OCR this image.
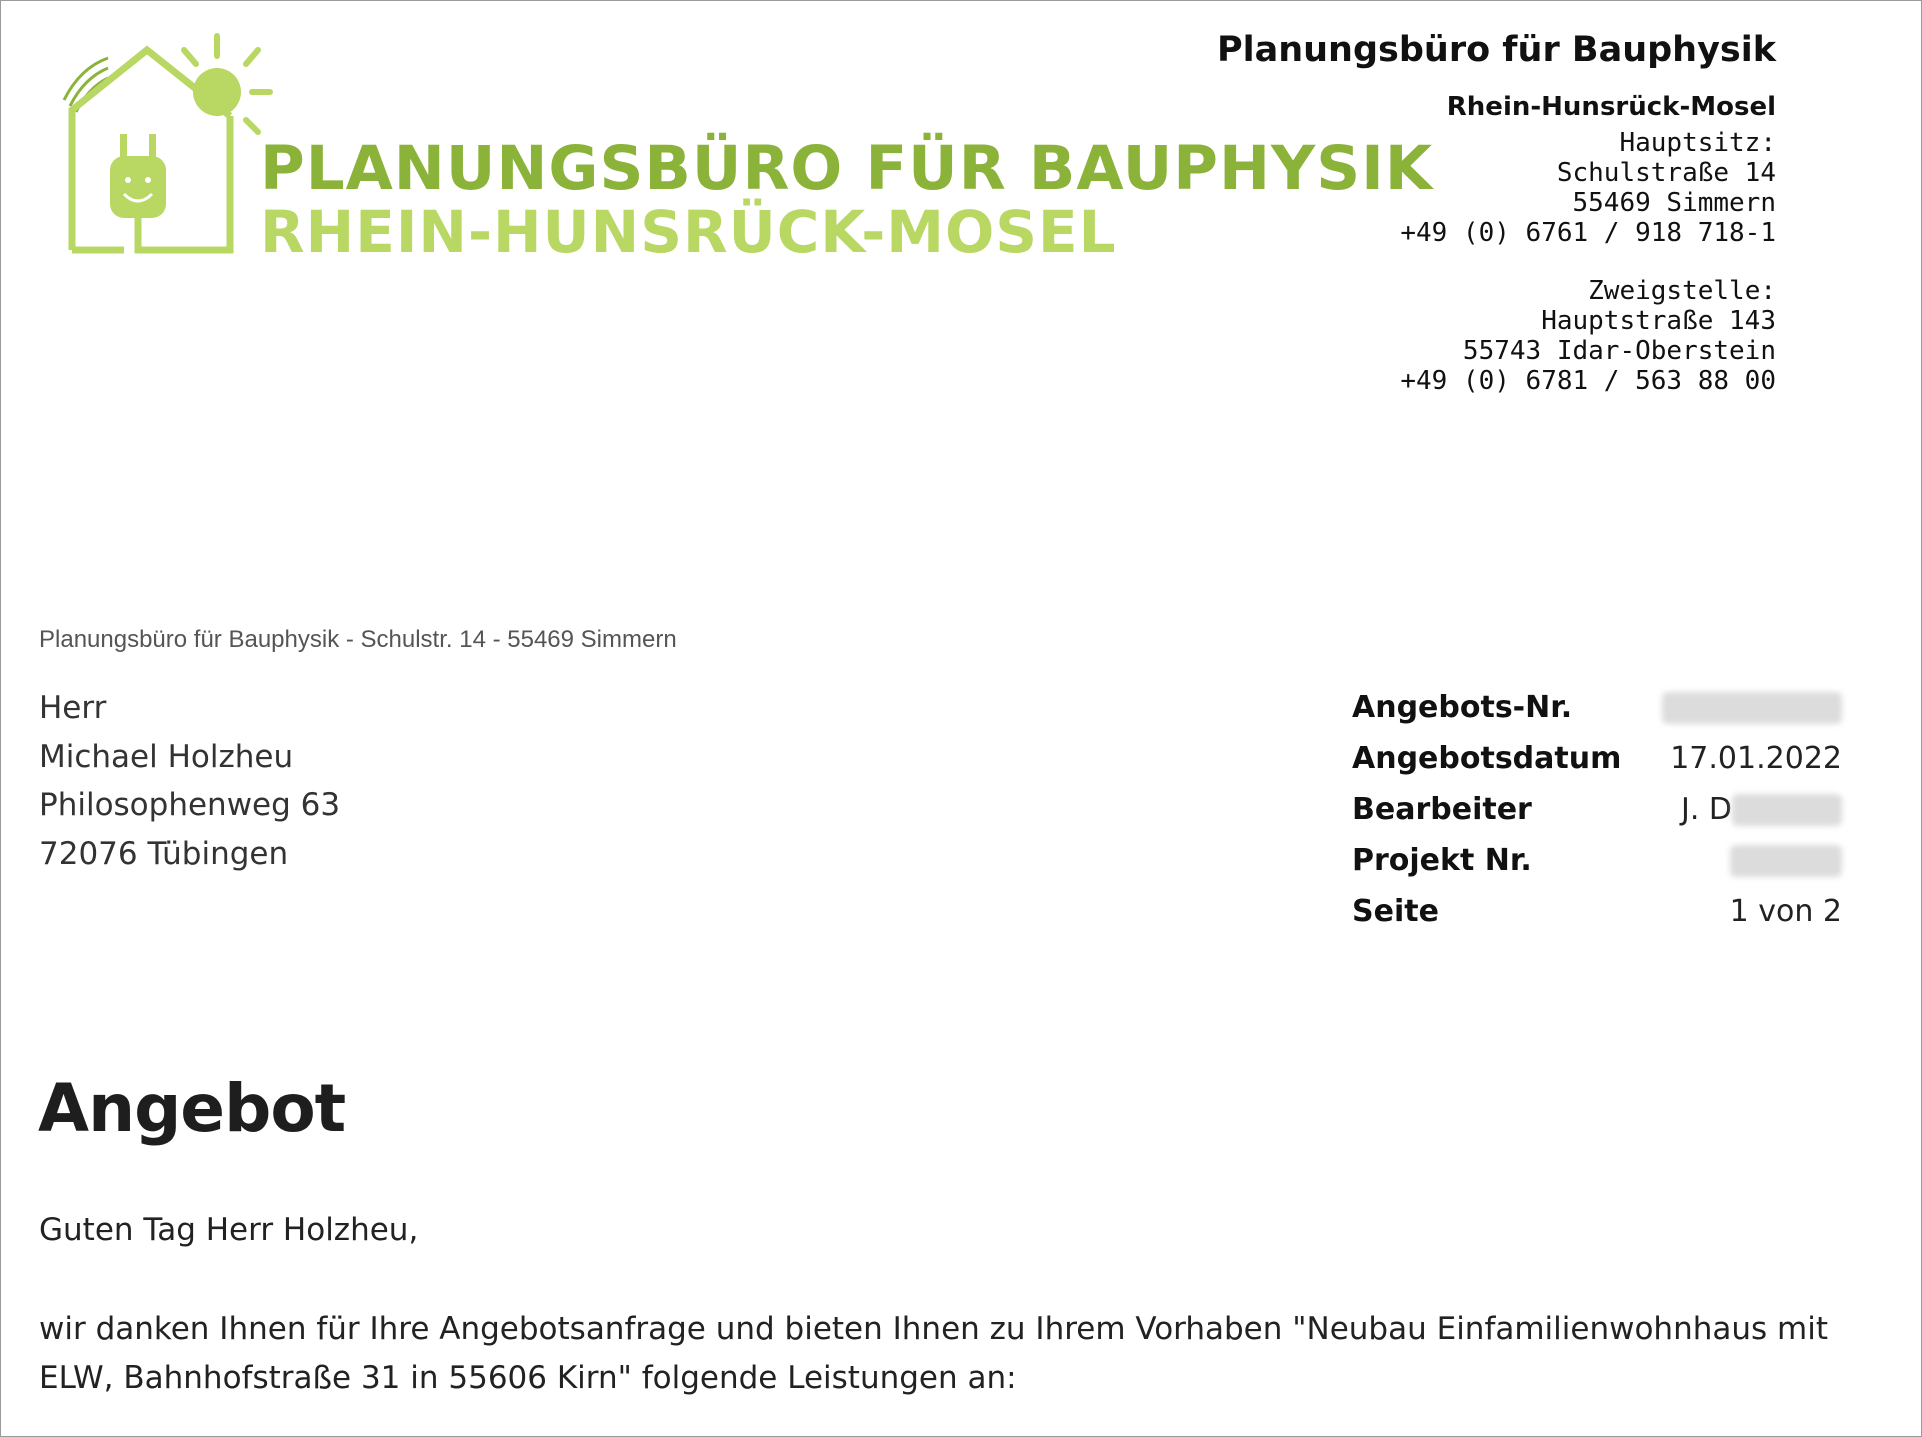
PLANUNGSBÜRO FÜR BAUPHYSIK
RHEIN-HUNSRÜCK-MOSEL
Planungsbüro für Bauphysik
Rhein-Hunsrück-Mosel
Hauptsitz:
Schulstraße 14
55469 Simmern
+49 (0) 6761 / 918 718-1
Zweigstelle:
Hauptstraße 143
55743 Idar-Oberstein
+49 (0) 6781 / 563 88 00
Planungsbüro für Bauphysik - Schulstr. 14 - 55469 Simmern
Herr
Michael Holzheu
Philosophenweg 63
72076 Tübingen
Angebots-Nr.
Angebotsdatum 17.01.2022
Bearbeiter	J. D
Projekt Nr.
Seite	1 von 2
Angebot
Guten Tag Herr Holzheu,
wir danken Ihnen für Ihre Angebotsanfrage und bieten Ihnen zu Ihrem Vorhaben "Neubau Einfamilienwohnhaus mit ELW, Bahnhofstraße 31 in 55606 Kirn" folgende Leistungen an:
